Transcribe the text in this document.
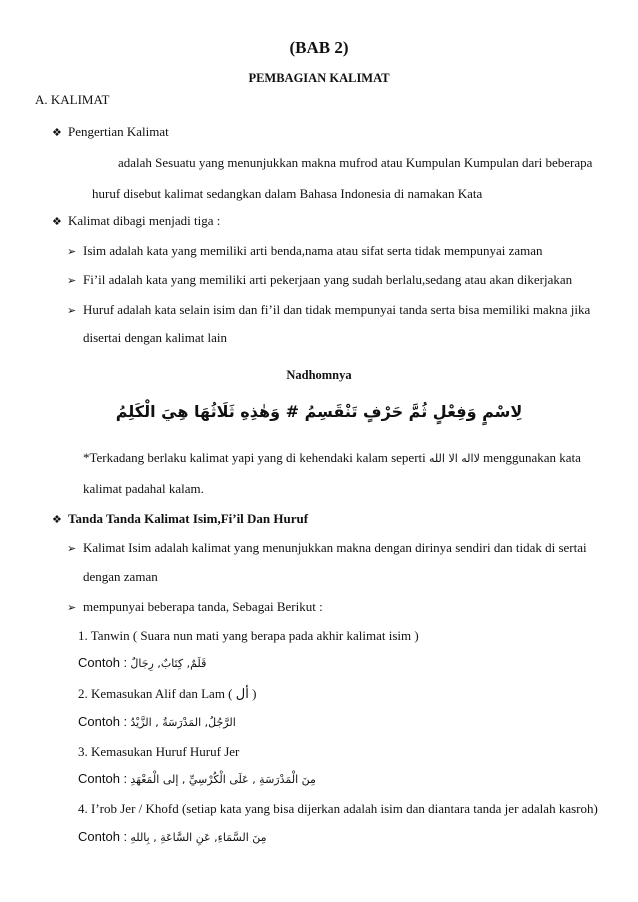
(BAB 2)
PEMBAGIAN KALIMAT
A. KALIMAT
❖ Pengertian Kalimat
adalah Sesuatu yang menunjukkan makna mufrod atau Kumpulan Kumpulan dari beberapa
huruf disebut kalimat sedangkan dalam Bahasa Indonesia di namakan Kata
❖ Kalimat dibagi menjadi tiga :
➢ Isim adalah kata yang memiliki arti benda,nama atau sifat serta tidak mempunyai zaman
➢ Fi’il adalah kata yang memiliki arti pekerjaan yang sudah berlalu,sedang atau akan dikerjakan
➢ Huruf adalah kata selain isim dan fi’il dan tidak mempunyai tanda serta bisa memiliki makna jika
disertai dengan kalimat lain
Nadhomnya
لِاسْمٍ وَفِعْلٍ ثُمَّ حَرْفٍ تَنْقَسِمُ # وَهٰذِهِ ثَلَاثُهَا هِيَ الْكَلِمُ
*Terkadang berlaku kalimat yapi yang di kehendaki kalam seperti لااله الا الله menggunakan kata
kalimat padahal kalam.
❖ Tanda Tanda Kalimat Isim,Fi’il Dan Huruf
➢ Kalimat Isim adalah kalimat yang menunjukkan makna dengan dirinya sendiri dan tidak di sertai
dengan zaman
➢ mempunyai beberapa tanda, Sebagai Berikut :
1. Tanwin ( Suara nun mati yang berapa pada akhir kalimat isim )
Contoh : قَلَمٌ, كِتَابٌ, رِجَالٌ
2. Kemasukan Alif dan Lam ( أل )
Contoh : الرَّجُلُ, المَدْرَسَةُ , الزَّيْدُ
3. Kemasukan Huruf Huruf Jer
Contoh : مِنَ الْمَدْرَسَةِ , عَلَى الْكُرْسِيِّ , إلى الْمَعْهَدِ
4. I’rob Jer / Khofd (setiap kata yang bisa dijerkan adalah isim dan diantara tanda jer adalah kasroh)
Contoh : مِنَ السَّمَاءِ, عَنِ السَّاعَةِ , بِاللهِ
